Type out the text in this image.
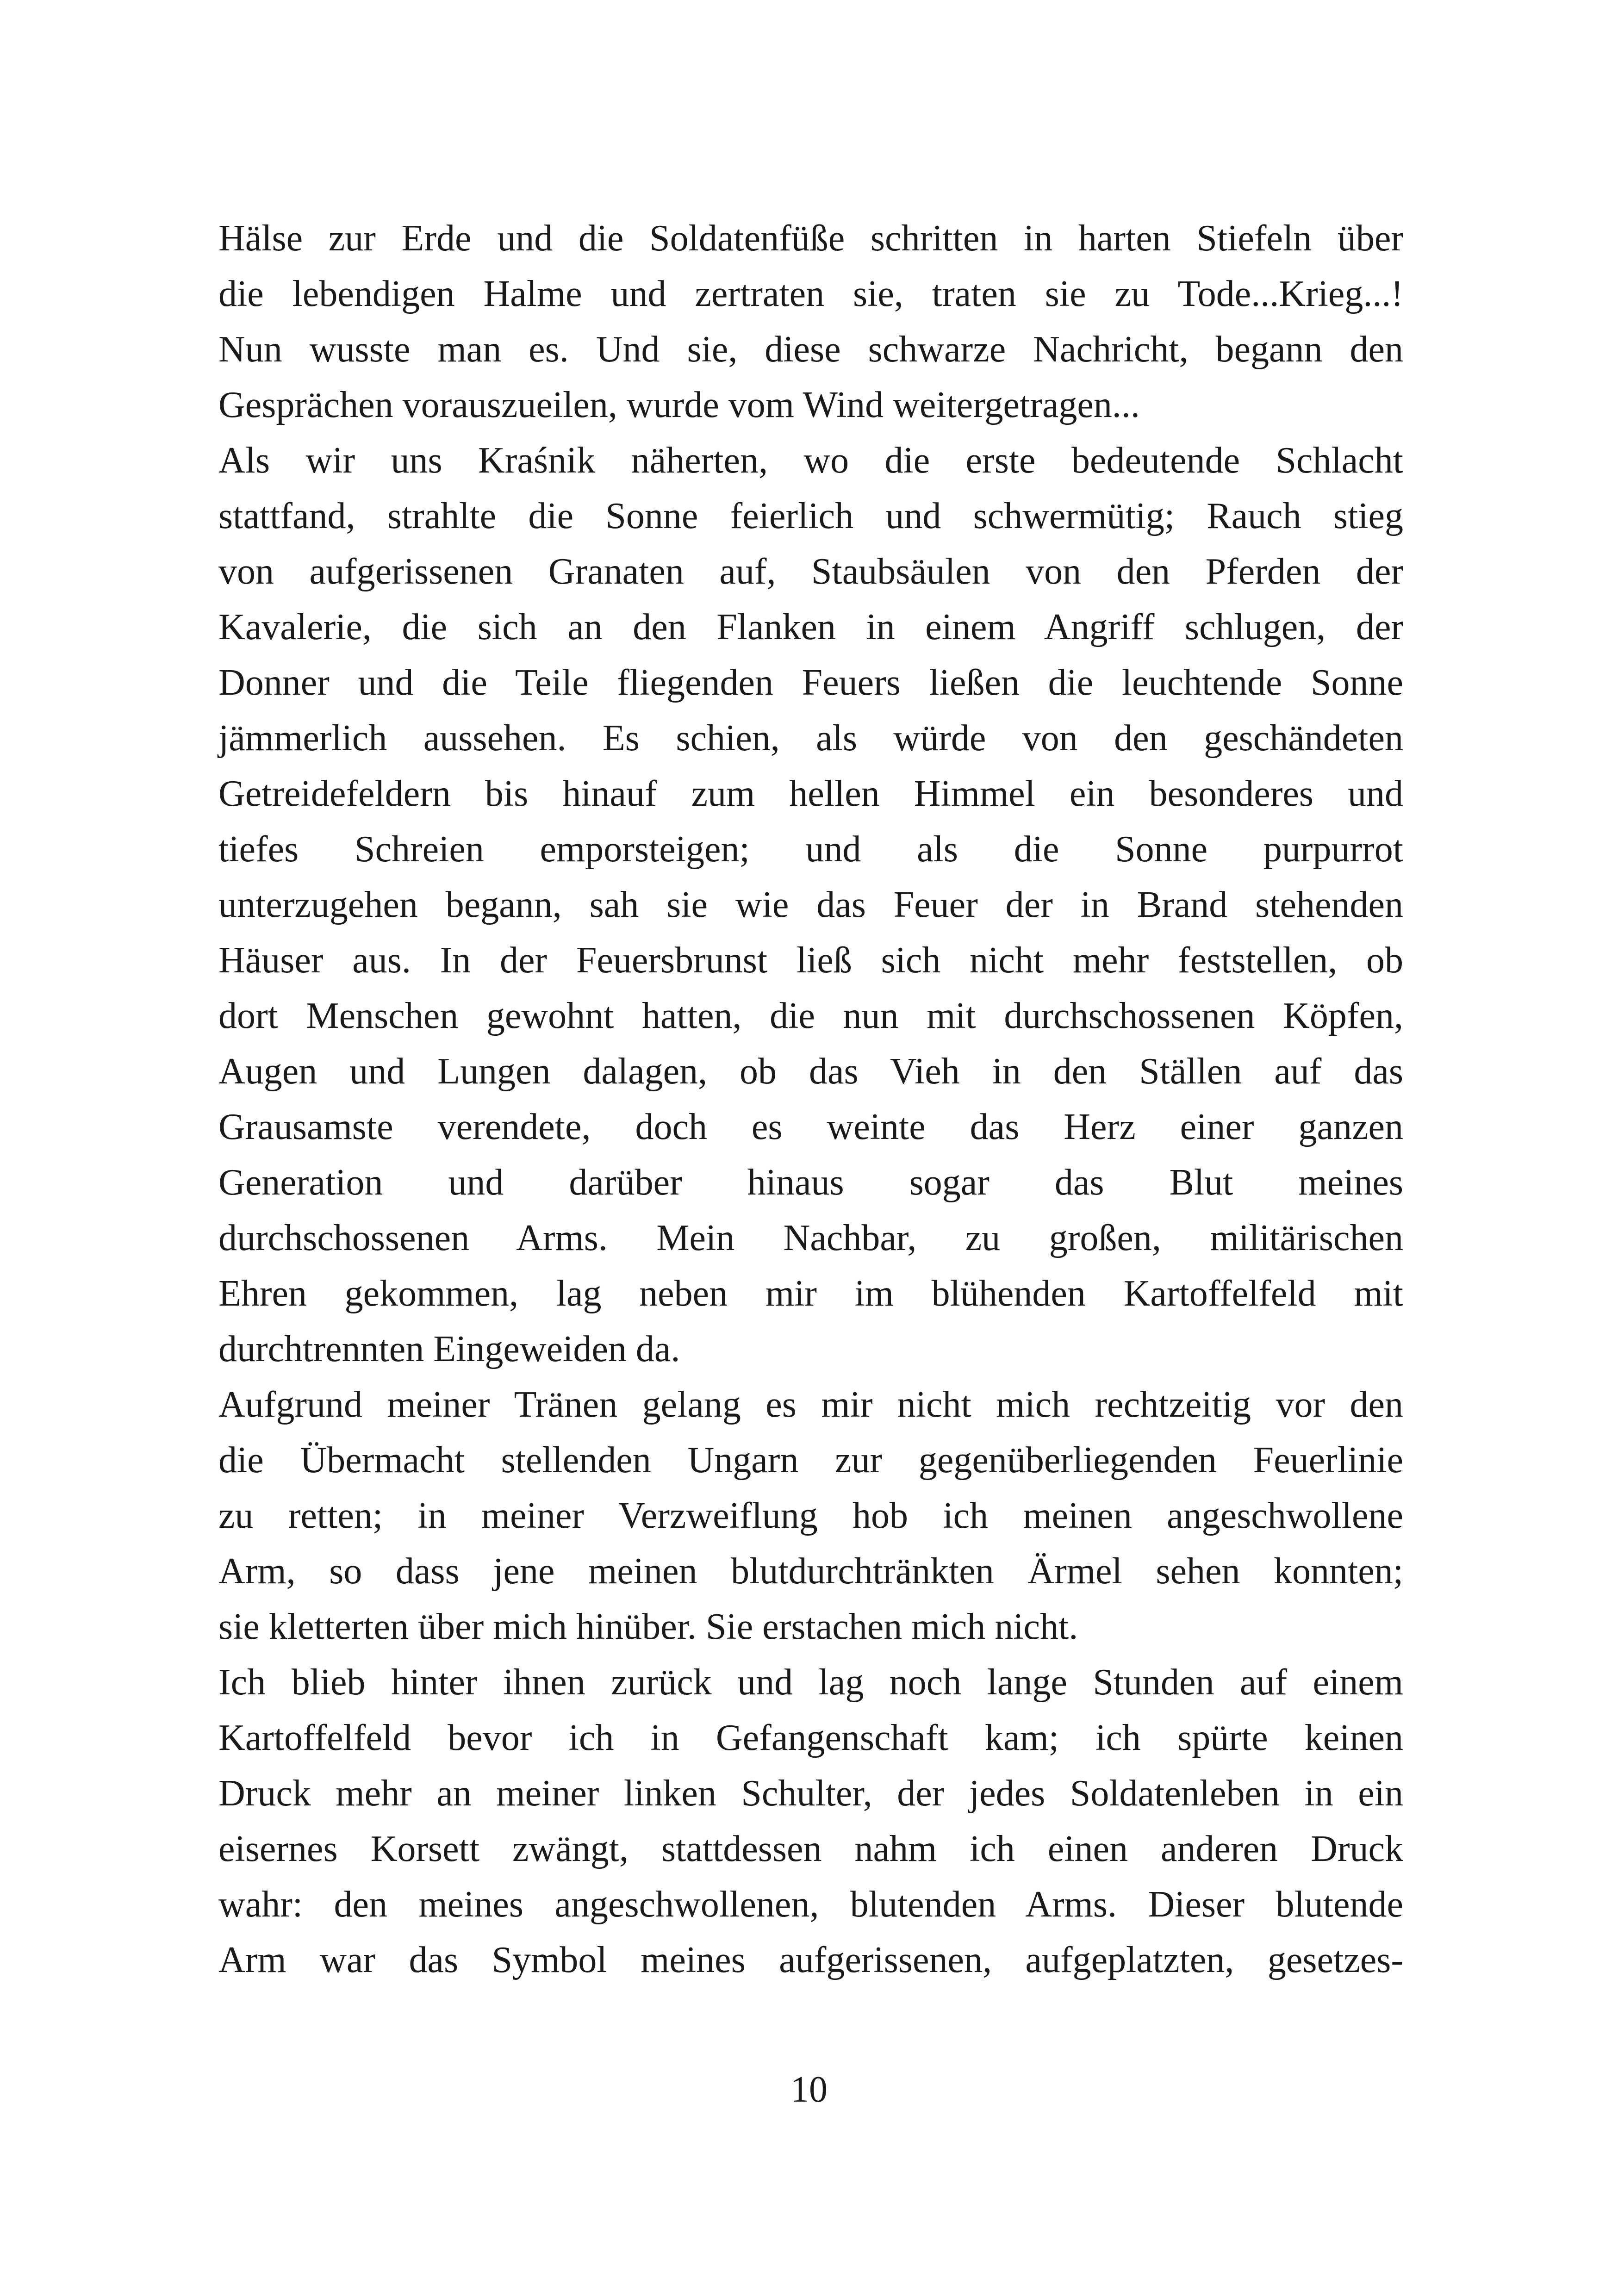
Hälse zur Erde und die Soldatenfüße schritten in harten Stiefeln über
die lebendigen Halme und zertraten sie, traten sie zu Tode...Krieg...!
Nun wusste man es. Und sie, diese schwarze Nachricht, begann den
Gesprächen vorauszueilen, wurde vom Wind weitergetragen...
Als wir uns Kraśnik näherten, wo die erste bedeutende Schlacht
stattfand, strahlte die Sonne feierlich und schwermütig; Rauch stieg
von aufgerissenen Granaten auf, Staubsäulen von den Pferden der
Kavalerie, die sich an den Flanken in einem Angriff schlugen, der
Donner und die Teile fliegenden Feuers ließen die leuchtende Sonne
jämmerlich aussehen. Es schien, als würde von den geschändeten
Getreidefeldern bis hinauf zum hellen Himmel ein besonderes und
tiefes Schreien emporsteigen; und als die Sonne purpurrot
unterzugehen begann, sah sie wie das Feuer der in Brand stehenden
Häuser aus. In der Feuersbrunst ließ sich nicht mehr feststellen, ob
dort Menschen gewohnt hatten, die nun mit durchschossenen Köpfen,
Augen und Lungen dalagen, ob das Vieh in den Ställen auf das
Grausamste verendete, doch es weinte das Herz einer ganzen
Generation und darüber hinaus sogar das Blut meines
durchschossenen Arms. Mein Nachbar, zu großen, militärischen
Ehren gekommen, lag neben mir im blühenden Kartoffelfeld mit
durchtrennten Eingeweiden da.
Aufgrund meiner Tränen gelang es mir nicht mich rechtzeitig vor den
die Übermacht stellenden Ungarn zur gegenüberliegenden Feuerlinie
zu retten; in meiner Verzweiflung hob ich meinen angeschwollene
Arm, so dass jene meinen blutdurchtränkten Ärmel sehen konnten;
sie kletterten über mich hinüber. Sie erstachen mich nicht.
Ich blieb hinter ihnen zurück und lag noch lange Stunden auf einem
Kartoffelfeld bevor ich in Gefangenschaft kam; ich spürte keinen
Druck mehr an meiner linken Schulter, der jedes Soldatenleben in ein
eisernes Korsett zwängt, stattdessen nahm ich einen anderen Druck
wahr: den meines angeschwollenen, blutenden Arms. Dieser blutende
Arm war das Symbol meines aufgerissenen, aufgeplatzten, gesetzes-
10
